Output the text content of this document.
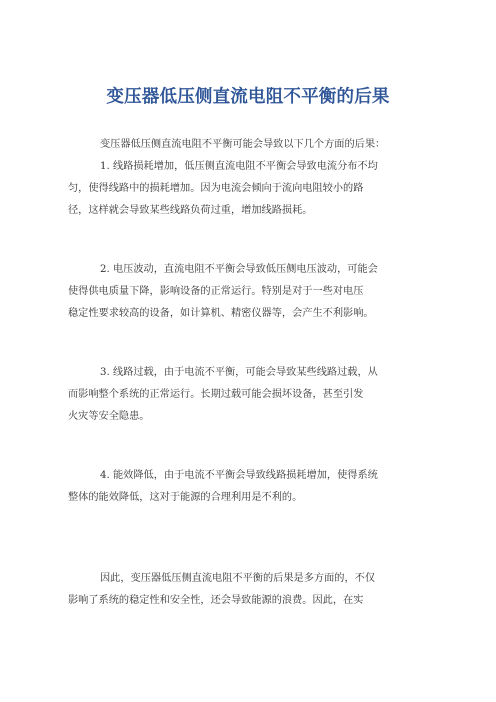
变压器低压侧直流电阻不平衡的后果
变压器低压侧直流电阻不平衡可能会导致以下几个方面的后果：
1. 线路损耗增加，低压侧直流电阻不平衡会导致电流分布不均
匀，使得线路中的损耗增加。因为电流会倾向于流向电阻较小的路
径，这样就会导致某些线路负荷过重，增加线路损耗。
2. 电压波动，直流电阻不平衡会导致低压侧电压波动，可能会
使得供电质量下降，影响设备的正常运行。特别是对于一些对电压
稳定性要求较高的设备，如计算机、精密仪器等，会产生不利影响。
3. 线路过载，由于电流不平衡，可能会导致某些线路过载，从
而影响整个系统的正常运行。长期过载可能会损坏设备，甚至引发
火灾等安全隐患。
4. 能效降低，由于电流不平衡会导致线路损耗增加，使得系统
整体的能效降低，这对于能源的合理利用是不利的。
因此，变压器低压侧直流电阻不平衡的后果是多方面的，不仅
影响了系统的稳定性和安全性，还会导致能源的浪费。因此，在实
